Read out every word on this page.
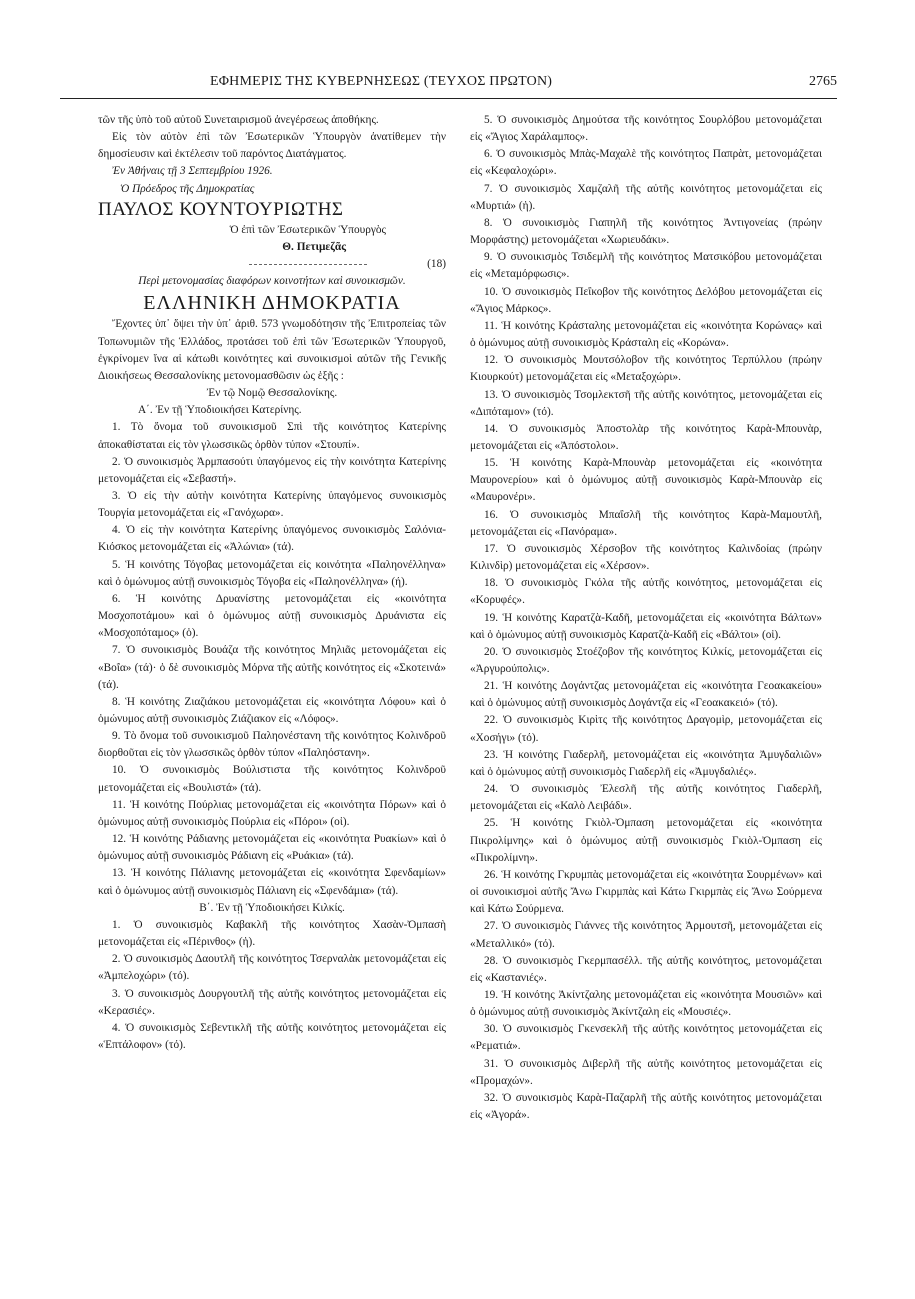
ΕΦΗΜΕΡΙΣ ΤΗΣ ΚΥΒΕΡΝΗΣΕΩΣ (ΤΕΥΧΟΣ ΠΡΩΤΟΝ)	2765

τῶν τῆς ὑπὸ τοῦ αὐτοῦ Συνεταιρισμοῦ ἀνεγέρσεως ἀποθήκης.

Εἰς τὸν αὐτὸν ἐπὶ τῶν Ἐσωτερικῶν Ὑπουργὸν ἀνατίθεμεν τὴν δημοσίευσιν καὶ ἐκτέλεσιν τοῦ παρόντος Διατάγματος.

Ἐν Ἀθήναις τῇ 3 Σεπτεμβρίου 1926.

Ὁ Πρόεδρος τῆς Δημοκρατίας

ΠΑΥΛΟΣ ΚΟΥΝΤΟΥΡΙΩΤΗΣ

Ὁ ἐπὶ τῶν Ἐσωτερικῶν Ὑπουργὸς

Θ. Πετιμεζᾶς

(18)

Περὶ μετονομασίας διαφόρων κοινοτήτων καὶ συνοικισμῶν.

ΕΛΛΗΝΙΚΗ ΔΗΜΟΚΡΑΤΙΑ

Ἔχοντες ὑπ᾽ ὄψει τὴν ὑπ᾽ ἀριθ. 573 γνωμοδότησιν τῆς Ἐπιτροπείας τῶν Τοπωνυμιῶν τῆς Ἑλλάδος, προτάσει τοῦ ἐπὶ τῶν Ἐσωτερικῶν Ὑπουργοῦ, ἐγκρίνομεν ἵνα αἱ κάτωθι κοινότητες καὶ συνοικισμοὶ αὐτῶν τῆς Γενικῆς Διοικήσεως Θεσσαλονίκης μετονομασθῶσιν ὡς ἑξῆς :

Ἐν τῷ Νομῷ Θεσσαλονίκης.

Α΄. Ἐν τῇ Ὑποδιοικήσει Κατερίνης.

1. Τὸ ὄνομα τοῦ συνοικισμοῦ Σπὶ τῆς κοινότητος Κατερίνης ἀποκαθίσταται εἰς τὸν γλωσσικῶς ὀρθὸν τύπον «Στουπί».

2. Ὁ συνοικισμὸς Ἀρμπασούτι ὑπαγόμενος εἰς τὴν κοινότητα Κατερίνης μετονομάζεται εἰς «Σεβαστή».

3. Ὁ εἰς τὴν αὐτὴν κοινότητα Κατερίνης ὑπαγόμενος συνοικισμὸς Τουργία μετονομάζεται εἰς «Γανόχωρα».

4. Ὁ εἰς τὴν κοινότητα Κατερίνης ὑπαγόμενος συνοικισμὸς Σαλόνια-Κιόσκος μετονομάζεται εἰς «Ἀλώνια» (τά).

5. Ἡ κοινότης Τόγοβας μετονομάζεται εἰς κοινότητα «Παληονέλληνα» καὶ ὁ ὁμώνυμος αὐτῇ συνοικισμὸς Τόγοβα εἰς «Παληονέλληνα» (ή).

6. Ἡ κοινότης Δρυανίστης μετονομάζεται εἰς «κοινότητα Μοσχοποτάμου» καὶ ὁ ὁμώνυμος αὐτῇ συνοικισμὸς Δρυάνιστα εἰς «Μοσχοπόταμος» (ὁ).

7. Ὁ συνοικισμὸς Βουάζα τῆς κοινότητος Μηλιᾶς μετονομάζεται εἰς «Βοΐα» (τά)· ὁ δὲ συνοικισμὸς Μόρνα τῆς αὐτῆς κοινότητος εἰς «Σκοτεινά» (τά).

8. Ἡ κοινότης Ζιαζιάκου μετονομάζεται εἰς «κοινότητα Λόφου» καὶ ὁ ὁμώνυμος αὐτῇ συνοικισμὸς Ζιάζιακον εἰς «Λόφος».

9. Τὸ ὄνομα τοῦ συνοικισμοῦ Παληονέστανη τῆς κοινότητος Κολινδροῦ διορθοῦται εἰς τὸν γλωσσικῶς ὀρθὸν τύπον «Παληόστανη».

10. Ὁ συνοικισμὸς Βούλιστιστα τῆς κοινότητος Κολινδροῦ μετονομάζεται εἰς «Βουλιστά» (τά).

11. Ἡ κοινότης Πούρλιας μετονομάζεται εἰς «κοινότητα Πόρων» καὶ ὁ ὁμώνυμος αὐτῇ συνοικισμὸς Πούρλια εἰς «Πόροι» (οἱ).

12. Ἡ κοινότης Ράδιανης μετονομάζεται εἰς «κοινότητα Ρυακίων» καὶ ὁ ὁμώνυμος αὐτῇ συνοικισμὸς Ράδιανη εἰς «Ρυάκια» (τά).

13. Ἡ κοινότης Πάλιανης μετονομάζεται εἰς «κοινότητα Σφενδαμίων» καὶ ὁ ὁμώνυμος αὐτῇ συνοικισμὸς Πάλιανη εἰς «Σφενδάμια» (τά).

Β΄. Ἐν τῇ Ὑποδιοικήσει Κιλκίς.

1. Ὁ συνοικισμὸς Καβακλῆ τῆς κοινότητος Χασὰν-Ὀμπασὴ μετονομάζεται εἰς «Πέρινθος» (ἡ).

2. Ὁ συνοικισμὸς Δαουτλῆ τῆς κοινότητος Τσερναλὰκ μετονομάζεται εἰς «Ἀμπελοχώρι» (τό).

3. Ὁ συνοικισμὸς Δουργουτλῆ τῆς αὐτῆς κοινότητος μετονομάζεται εἰς «Κερασιές».

4. Ὁ συνοικισμὸς Σεβεντικλῆ τῆς αὐτῆς κοινότητος μετονομάζεται εἰς «Ἑπτάλοφον» (τό).

5. Ὁ συνοικισμὸς Δημούτσα τῆς κοινότητος Σουρλόβου μετονομάζεται εἰς «Ἅγιος Χαράλαμπος».

6. Ὁ συνοικισμὸς Μπὰς-Μαχαλὲ τῆς κοινότητος Παπρὰτ, μετονομάζεται εἰς «Κεφαλοχώρι».

7. Ὁ συνοικισμὸς Χαμζαλῆ τῆς αὐτῆς κοινότητος μετονομάζεται εἰς «Μυρτιά» (ἡ).

8. Ὁ συνοικισμὸς Γιαπηλῆ τῆς κοινότητος Ἀντιγονείας (πρώην Μορφάστης) μετονομάζεται «Χωριευδάκι».

9. Ὁ συνοικισμὸς Τσιδεμλῆ τῆς κοινότητος Ματσικόβου μετονομάζεται εἰς «Μεταμόρφωσις».

10. Ὁ συνοικισμὸς Πεΐκοβον τῆς κοινότητος Δελόβου μετονομάζεται εἰς «Ἅγιος Μάρκος».

11. Ἡ κοινότης Κράσταλης μετονομάζεται εἰς «κοινότητα Κορώνας» καὶ ὁ ὁμώνυμος αὐτῇ συνοικισμὸς Κράσταλη εἰς «Κορώνα».

12. Ὁ συνοικισμὸς Μουτσόλοβον τῆς κοινότητος Τερπύλλου (πρώην Κιουρκούτ) μετονομάζεται εἰς «Μεταξοχώρι».

13. Ὁ συνοικισμὸς Τσομλεκτσῆ τῆς αὐτῆς κοινότητος, μετονομάζεται εἰς «Διπόταμον» (τό).

14. Ὁ συνοικισμὸς Ἀποστολὰρ τῆς κοινότητος Καρὰ-Μπουνὰρ, μετονομάζεται εἰς «Ἀπόστολοι».

15. Ἡ κοινότης Καρὰ-Μπουνὰρ μετονομάζεται εἰς «κοινότητα Μαυρονερίου» καὶ ὁ ὁμώνυμος αὐτῇ συνοικισμὸς Καρὰ-Μπουνὰρ εἰς «Μαυρονέρι».

16. Ὁ συνοικισμὸς Μπαΐσλῆ τῆς κοινότητος Καρὰ-Μαμουτλῆ, μετονομάζεται εἰς «Πανόραμα».

17. Ὁ συνοικισμὸς Χέρσοβον τῆς κοινότητος Καλινδοίας (πρώην Κιλινδὶρ) μετονομάζεται εἰς «Χέρσον».

18. Ὁ συνοικισμὸς Γκόλα τῆς αὐτῆς κοινότητος, μετονομάζεται εἰς «Κορυφές».

19. Ἡ κοινότης Καρατζὰ-Καδῆ, μετονομάζεται εἰς «κοινότητα Βάλτων» καὶ ὁ ὁμώνυμος αὐτῇ συνοικισμὸς Καρατζὰ-Καδῆ εἰς «Βάλτοι» (οἱ).

20. Ὁ συνοικισμὸς Στοέζοβον τῆς κοινότητος Κιλκίς, μετονομάζεται εἰς «Ἀργυρούπολις».

21. Ἡ κοινότης Δογάντζας μετονομάζεται εἰς «κοινότητα Γεοακακείου» καὶ ὁ ὁμώνυμος αὐτῇ συνοικισμὸς Δογάντζα εἰς «Γεοακακειό» (τό).

22. Ὁ συνοικισμὸς Κιρὶτς τῆς κοινότητος Δραγομὶρ, μετονομάζεται εἰς «Χοσήγι» (τό).

23. Ἡ κοινότης Γιαδερλῆ, μετονομάζεται εἰς «κοινότητα Ἀμυγδαλιῶν» καὶ ὁ ὁμώνυμος αὐτῇ συνοικισμὸς Γιαδερλῆ εἰς «Ἀμυγδαλιές».

24. Ὁ συνοικισμὸς Ἐλεσλῆ τῆς αὐτῆς κοινότητος Γιαδερλῆ, μετονομάζεται εἰς «Καλὸ Λειβάδι».

25. Ἡ κοινότης Γκιὸλ-Ὀμπαση μετονομάζεται εἰς «κοινότητα Πικρολίμνης» καὶ ὁ ὁμώνυμος αὐτῇ συνοικισμὸς Γκιὸλ-Ὀμπαση εἰς «Πικρολίμνη».

26. Ἡ κοινότης Γκρυμπὰς μετονομάζεται εἰς «κοινότητα Σουρμένων» καὶ οἱ συνοικισμοὶ αὐτῆς Ἄνω Γκιρμπὰς καὶ Κάτω Γκιρμπὰς εἰς Ἄνω Σούρμενα καὶ Κάτω Σούρμενα.

27. Ὁ συνοικισμὸς Γιάννες τῆς κοινότητος Ἀρμουτσῆ, μετονομάζεται εἰς «Μεταλλικό» (τό).

28. Ὁ συνοικισμὸς Γκερμπασέλλ. τῆς αὐτῆς κοινότητος, μετονομάζεται εἰς «Καστανιές».

19. Ἡ κοινότης Ἀκίντζαλης μετονομάζεται εἰς «κοινότητα Μουσιῶν» καὶ ὁ ὁμώνυμος αὐτῇ συνοικισμὸς Ἀκίντζαλη εἰς «Μουσιές».

30. Ὁ συνοικισμὸς Γκενσεκλῆ τῆς αὐτῆς κοινότητος μετονομάζεται εἰς «Ρεματιά».

31. Ὁ συνοικισμὸς Διβερλῆ τῆς αὐτῆς κοινότητος μετονομάζεται εἰς «Προμαχών».

32. Ὁ συνοικισμὸς Καρὰ-Παζαρλῆ τῆς αὐτῆς κοινότητος μετονομάζεται εἰς «Ἀγορά».
